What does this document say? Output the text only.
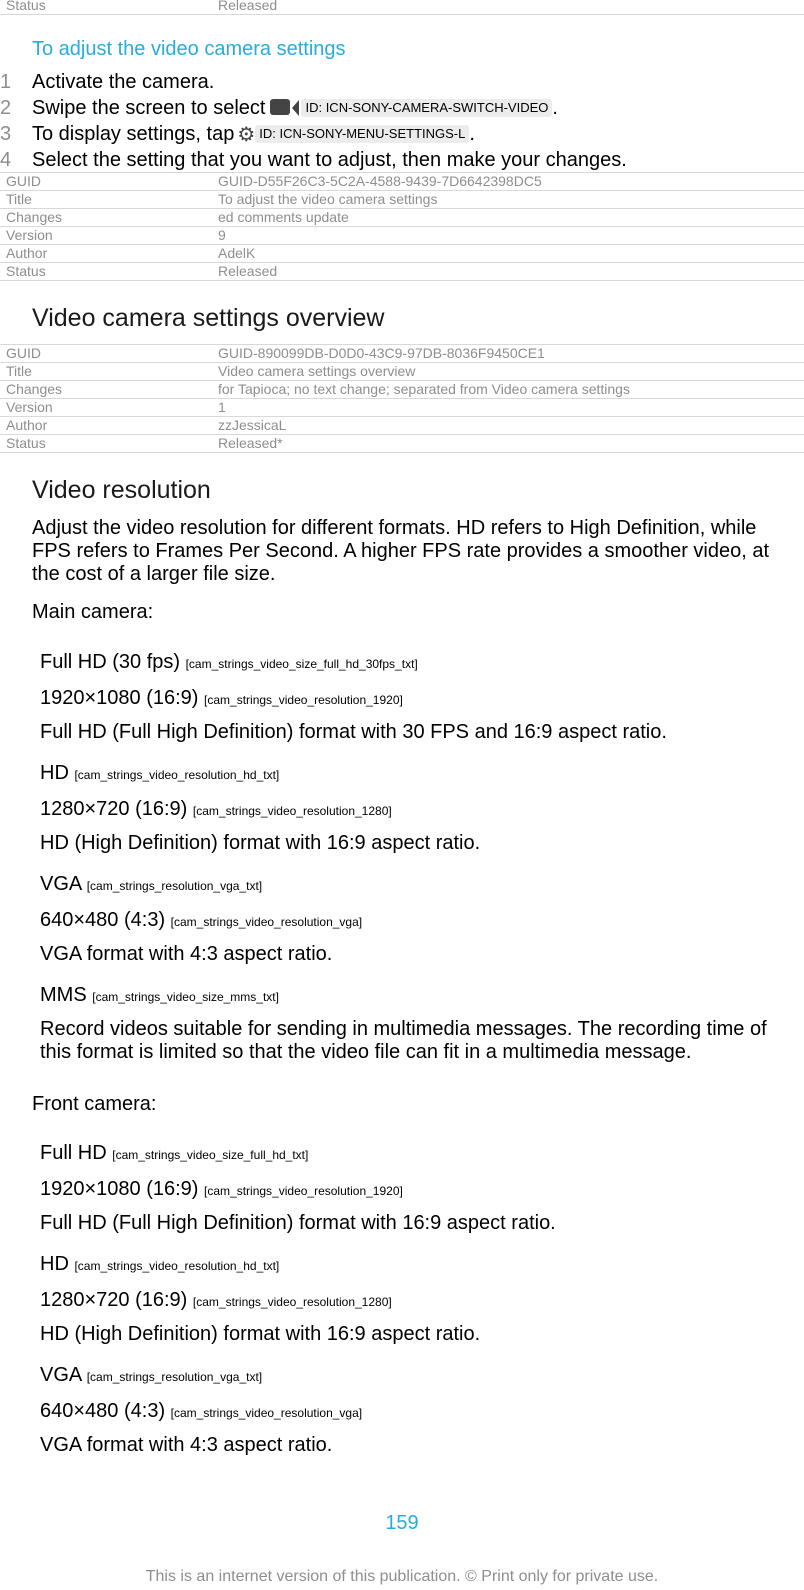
Status	Released
To adjust the video camera settings
1	Activate the camera.
2	Swipe the screen to select	ID: ICN-SONY-CAMERA-SWITCH-VIDEO .
3	To display settings, tap ⚙ ID: ICN-SONY-MENU-SETTINGS-L .
4	Select the setting that you want to adjust, then make your changes.
GUID	GUID-D55F26C3-5C2A-4588-9439-7D6642398DC5
Title	To adjust the video camera settings
Changes	ed comments update
Version	9
Author	AdelK
Status	Released
Video camera settings overview
GUID	GUID-890099DB-D0D0-43C9-97DB-8036F9450CE1
Title	Video camera settings overview
Changes	for Tapioca; no text change; separated from Video camera settings
Version	1
Author	zzJessicaL
Status	Released*
Video resolution

Adjust the video resolution for different formats. HD refers to High Definition, while FPS refers to Frames Per Second. A higher FPS rate provides a smoother video, at the cost of a larger file size.

Main camera:

Full HD (30 fps) [cam_strings_video_size_full_hd_30fps_txt]
1920×1080 (16:9) [cam_strings_video_resolution_1920]

Full HD (Full High Definition) format with 30 FPS and 16:9 aspect ratio.

HD [cam_strings_video_resolution_hd_txt]
1280×720 (16:9) [cam_strings_video_resolution_1280]

HD (High Definition) format with 16:9 aspect ratio.

VGA [cam_strings_resolution_vga_txt]
640×480 (4:3) [cam_strings_video_resolution_vga]

VGA format with 4:3 aspect ratio.

MMS [cam_strings_video_size_mms_txt]

Record videos suitable for sending in multimedia messages. The recording time of this format is limited so that the video file can fit in a multimedia message.

Front camera:

Full HD [cam_strings_video_size_full_hd_txt]
1920×1080 (16:9) [cam_strings_video_resolution_1920]

Full HD (Full High Definition) format with 16:9 aspect ratio.

HD [cam_strings_video_resolution_hd_txt]
1280×720 (16:9) [cam_strings_video_resolution_1280]

HD (High Definition) format with 16:9 aspect ratio.

VGA [cam_strings_resolution_vga_txt]
640×480 (4:3) [cam_strings_video_resolution_vga]

VGA format with 4:3 aspect ratio.

159
This is an internet version of this publication. © Print only for private use.
